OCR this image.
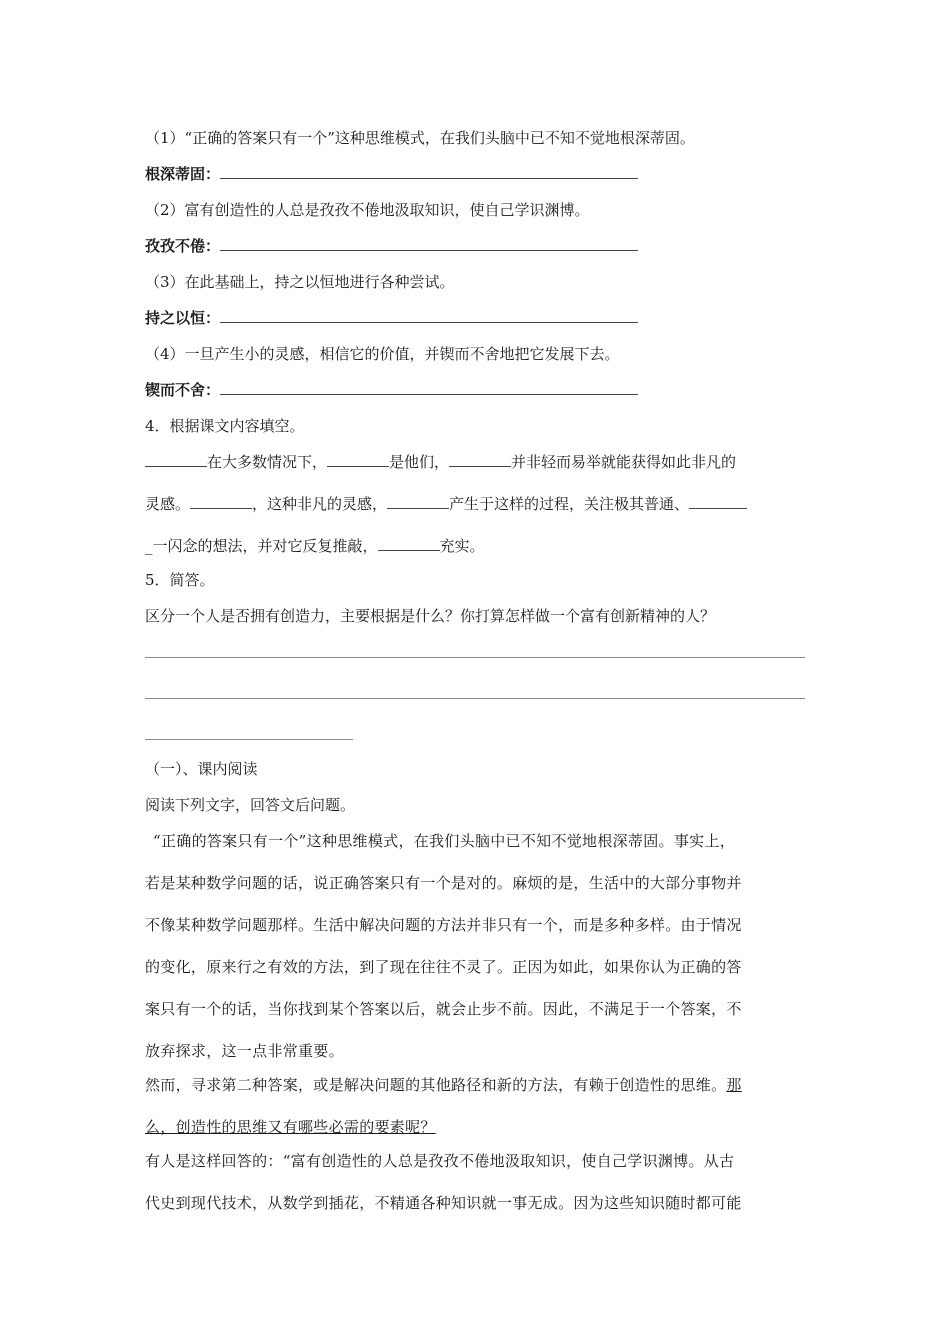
（1）“正确的答案只有一个”这种思维模式，在我们头脑中已不知不觉地根深蒂固。
根深蒂固：
（2）富有创造性的人总是孜孜不倦地汲取知识，使自己学识渊博。
孜孜不倦：
（3）在此基础上，持之以恒地进行各种尝试。
持之以恒：
（4）一旦产生小的灵感，相信它的价值，并锲而不舍地把它发展下去。
锲而不舍：
4．根据课文内容填空。
在大多数情况下，	是他们，	并非轻而易举就能获得如此非凡的
灵感。	，这种非凡的灵感，	产生于这样的过程，关注极其普通、
_一闪念的想法，并对它反复推敲，	充实。
5．简答。
区分一个人是否拥有创造力，主要根据是什么？你打算怎样做一个富有创新精神的人？
（一）、课内阅读
阅读下列文字，回答文后问题。
“正确的答案只有一个”这种思维模式，在我们头脑中已不知不觉地根深蒂固。事实上，
若是某种数学问题的话，说正确答案只有一个是对的。麻烦的是，生活中的大部分事物并
不像某种数学问题那样。生活中解决问题的方法并非只有一个，而是多种多样。由于情况
的变化，原来行之有效的方法，到了现在往往不灵了。正因为如此，如果你认为正确的答
案只有一个的话，当你找到某个答案以后，就会止步不前。因此，不满足于一个答案，不
放弃探求，这一点非常重要。
然而，寻求第二种答案，或是解决问题的其他路径和新的方法，有赖于创造性的思维。那
么，创造性的思维又有哪些必需的要素呢？
有人是这样回答的：“富有创造性的人总是孜孜不倦地汲取知识，使自己学识渊博。从古
代史到现代技术，从数学到插花，不精通各种知识就一事无成。因为这些知识随时都可能
